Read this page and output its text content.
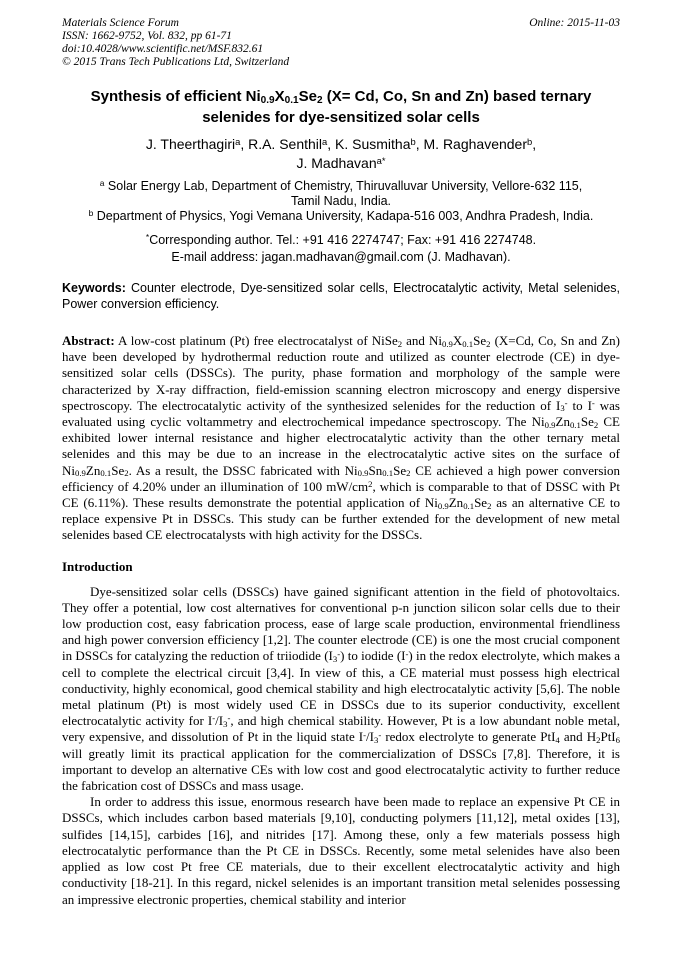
Materials Science Forum
ISSN: 1662-9752, Vol. 832, pp 61-71
doi:10.4028/www.scientific.net/MSF.832.61
© 2015 Trans Tech Publications Ltd, Switzerland
Online: 2015-11-03
Synthesis of efficient $Ni_{0.9}X_{0.1}Se_2$ (X= Cd, Co, Sn and Zn) based ternary selenides for dye-sensitized solar cells
J. Theerthagiri$^a$, R.A. Senthil$^a$, K. Susmitha$^b$, M. Raghavender$^b$,
J. Madhavan$^{a*}$
$^a$ Solar Energy Lab, Department of Chemistry, Thiruvalluvar University, Vellore-632 115,
Tamil Nadu, India.
$^b$ Department of Physics, Yogi Vemana University, Kadapa-516 003, Andhra Pradesh, India.
*Corresponding author. Tel.: +91 416 2274747; Fax: +91 416 2274748.
E-mail address: jagan.madhavan@gmail.com (J. Madhavan).

Keywords: Counter electrode, Dye-sensitized solar cells, Electrocatalytic activity, Metal selenides, Power conversion efficiency.

Abstract: A low-cost platinum (Pt) free electrocatalyst of NiSe$_2$ and $Ni_{0.9}X_{0.1}Se_2$ (X=Cd, Co, Sn and Zn) have been developed by hydrothermal reduction route and utilized as counter electrode (CE) in dye-sensitized solar cells (DSSCs). The purity, phase formation and morphology of the sample were characterized by X-ray diffraction, field-emission scanning electron microscopy and energy dispersive spectroscopy. The electrocatalytic activity of the synthesized selenides for the reduction of $I_3^-$ to I- was evaluated using cyclic voltammetry and electrochemical impedance spectroscopy. The $Ni_{0.9}Zn_{0.1}Se_2$ CE exhibited lower internal resistance and higher electrocatalytic activity than the other ternary metal selenides and this may be due to an increase in the electrocatalytic active sites on the surface of $Ni_{0.9}Zn_{0.1}Se_2$. As a result, the DSSC fabricated with $Ni_{0.9}Sn_{0.1}Se_2$ CE achieved a high power conversion efficiency of 4.20% under an illumination of 100 $mW/cm^2$, which is comparable to that of DSSC with Pt CE (6.11%). These results demonstrate the potential application of $Ni_{0.9}Zn_{0.1}Se_2$ as an alternative CE to replace expensive Pt in DSSCs. This study can be further extended for the development of new metal selenides based CE electrocatalysts with high activity for the DSSCs.

Introduction

Dye-sensitized solar cells (DSSCs) have gained significant attention in the field of photovoltaics. They offer a potential, low cost alternatives for conventional p-n junction silicon solar cells due to their low production cost, easy fabrication process, ease of large scale production, environmental friendliness and high power conversion efficiency [1,2]. The counter electrode (CE) is one the most crucial component in DSSCs for catalyzing the reduction of triiodide $(I_3^-)$ to iodide (I-) in the redox electrolyte, which makes a cell to complete the electrical circuit [3,4]. In view of this, a CE material must possess high electrical conductivity, highly economical, good chemical stability and high electrocatalytic activity [5,6]. The noble metal platinum (Pt) is most widely used CE in DSSCs due to its superior conductivity, excellent electrocatalytic activity for $I^-/I_3^-$, and high chemical stability. However, Pt is a low abundant noble metal, very expensive, and dissolution of Pt in the liquid state $I^-/I_3^-$ redox electrolyte to generate PtI$_4$ and $H_2PtI_6$ will greatly limit its practical application for the commercialization of DSSCs [7,8]. Therefore, it is important to develop an alternative CEs with low cost and good electrocatalytic activity to further reduce the fabrication cost of DSSCs and mass usage.

In order to address this issue, enormous research have been made to replace an expensive Pt CE in DSSCs, which includes carbon based materials [9,10], conducting polymers [11,12], metal oxides [13], sulfides [14,15], carbides [16], and nitrides [17]. Among these, only a few materials possess high electrocatalytic performance than the Pt CE in DSSCs. Recently, some metal selenides have also been applied as low cost Pt free CE materials, due to their excellent electrocatalytic activity and high conductivity [18-21]. In this regard, nickel selenides is an important transition metal selenides possessing an impressive electronic properties, chemical stability and interior
